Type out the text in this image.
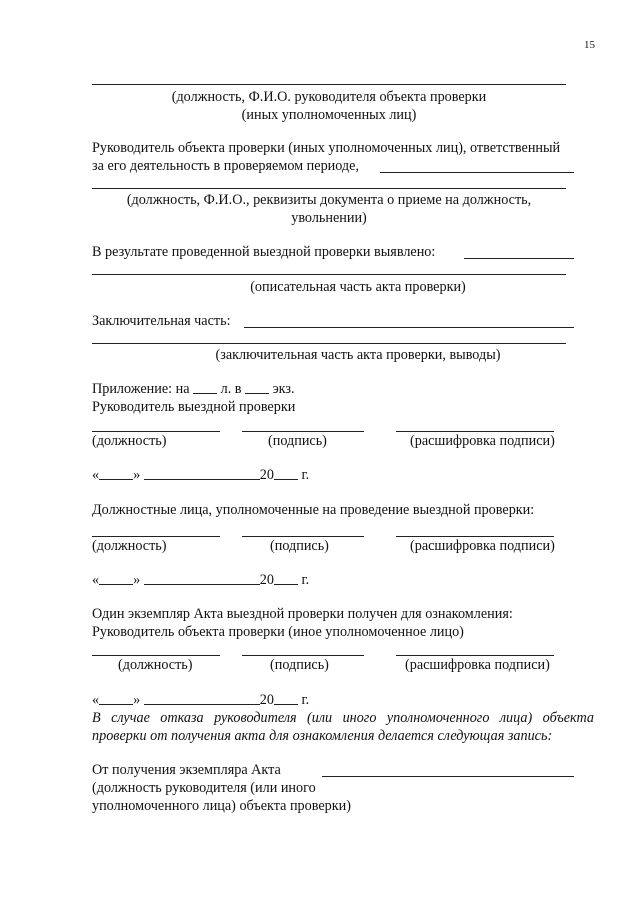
15
(должность, Ф.И.О. руководителя объекта проверки
(иных уполномоченных лиц)
Руководитель объекта проверки (иных уполномоченных лиц), ответственный
за его деятельность в проверяемом периоде,
(должность, Ф.И.О., реквизиты документа о приеме на должность,
увольнении)
В результате проведенной выездной проверки выявлено:
(описательная часть акта проверки)
Заключительная часть:
(заключительная часть акта проверки, выводы)
Приложение: на л. в экз.
Руководитель выездной проверки
(должность)	(подпись)	(расшифровка подписи)
« »	20 г.
Должностные лица, уполномоченные на проведение выездной проверки:
(должность)	(подпись)	(расшифровка подписи)
« »	20 г.
Один экземпляр Акта выездной проверки получен для ознакомления:
Руководитель объекта проверки (иное уполномоченное лицо)
(должность)	(подпись)	(расшифровка подписи)
« »	20 г.
В случае отказа руководителя (или иного уполномоченного лица) объекта
проверки от получения акта для ознакомления делается следующая запись:
От получения экземпляра Акта
(должность руководителя (или иного
уполномоченного лица) объекта проверки)
